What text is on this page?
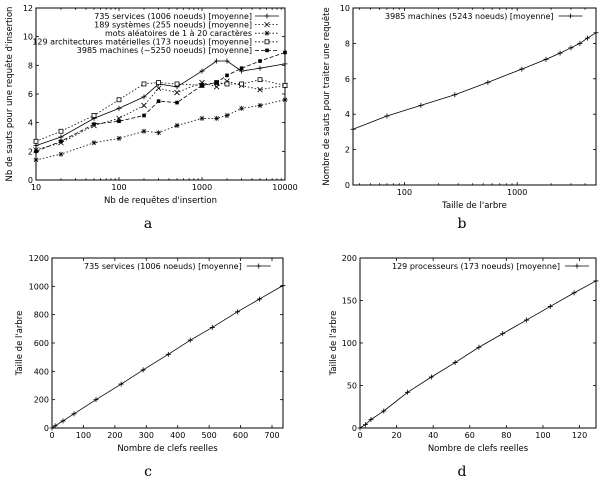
0
2
4
6
8
10
12
10	100	1000	10000
Nb de requêtes d'insertion
Nb de sauts pour une requête d'insertion	735 services (1006 noeuds) [moyenne]
189 systèmes (255 noeuds) [moyenne]
mots aléatoires de 1 à 20 caractères
129 architectures matérielles (173 noeuds) [moyenne]
3985 machines (~5250 noeuds) [moyenne]
a
0
2
4
6
8
10
100	1000
Taille de l'arbre
Nombre de sauts pour traiter une requête	3985 machines (5243 noeuds) [moyenne]
b
0
200
400
600
800
1000
1200
0	100 200 300 400 500 600 700
Nombre de clefs reelles
Taille de l'arbre
735 services (1006 noeuds) [moyenne]
c
0
50
100
150
200
0	20	40	60	80	100	120
Nombre de clefs reelles
Taille de l'arbre
129 processeurs (173 noeuds) [moyenne]
d
